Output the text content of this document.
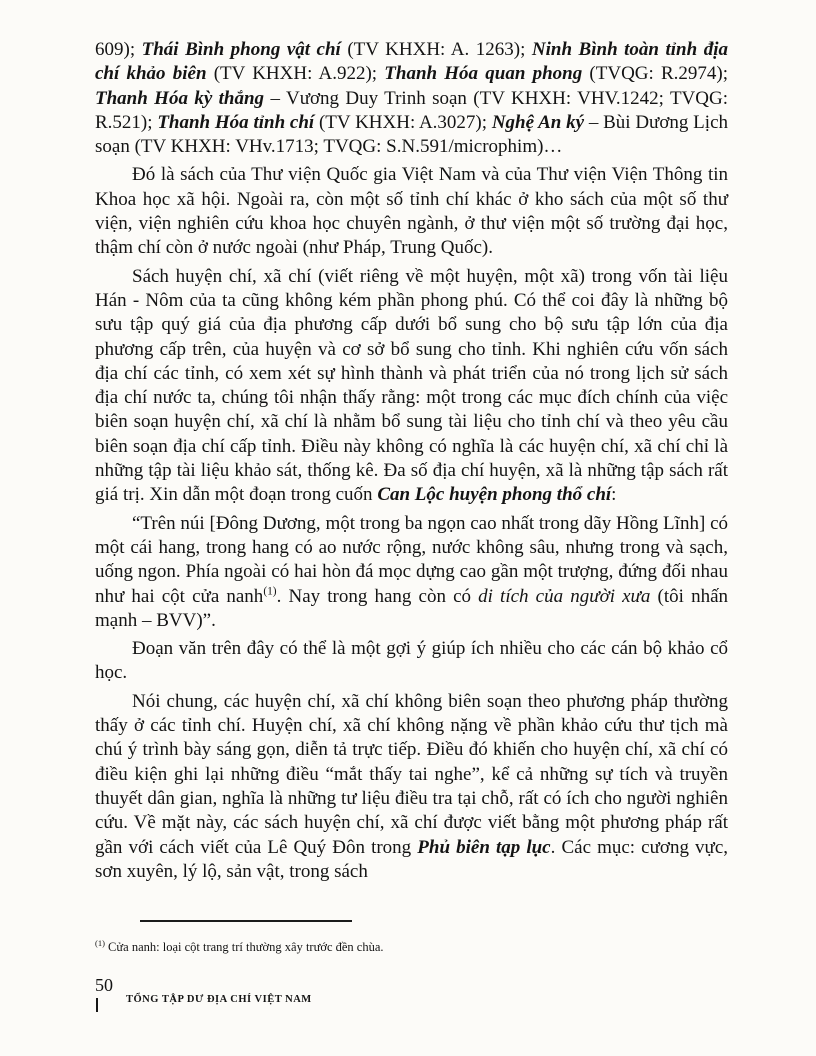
609); Thái Bình phong vật chí (TV KHXH: A. 1263); Ninh Bình toàn tỉnh địa chí khảo biên (TV KHXH: A.922); Thanh Hóa quan phong (TVQG: R.2974); Thanh Hóa kỳ thắng – Vương Duy Trinh soạn (TV KHXH: VHV.1242; TVQG: R.521); Thanh Hóa tỉnh chí (TV KHXH: A.3027); Nghệ An ký – Bùi Dương Lịch soạn (TV KHXH: VHv.1713; TVQG: S.N.591/microphim)…

Đó là sách của Thư viện Quốc gia Việt Nam và của Thư viện Viện Thông tin Khoa học xã hội. Ngoài ra, còn một số tỉnh chí khác ở kho sách của một số thư viện, viện nghiên cứu khoa học chuyên ngành, ở thư viện một số trường đại học, thậm chí còn ở nước ngoài (như Pháp, Trung Quốc).

Sách huyện chí, xã chí (viết riêng về một huyện, một xã) trong vốn tài liệu Hán - Nôm của ta cũng không kém phần phong phú. Có thể coi đây là những bộ sưu tập quý giá của địa phương cấp dưới bổ sung cho bộ sưu tập lớn của địa phương cấp trên, của huyện và cơ sở bổ sung cho tỉnh. Khi nghiên cứu vốn sách địa chí các tỉnh, có xem xét sự hình thành và phát triển của nó trong lịch sử sách địa chí nước ta, chúng tôi nhận thấy rằng: một trong các mục đích chính của việc biên soạn huyện chí, xã chí là nhằm bổ sung tài liệu cho tỉnh chí và theo yêu cầu biên soạn địa chí cấp tỉnh. Điều này không có nghĩa là các huyện chí, xã chí chỉ là những tập tài liệu khảo sát, thống kê. Đa số địa chí huyện, xã là những tập sách rất giá trị. Xin dẫn một đoạn trong cuốn Can Lộc huyện phong thổ chí:

“Trên núi [Đông Dương, một trong ba ngọn cao nhất trong dãy Hồng Lĩnh] có một cái hang, trong hang có ao nước rộng, nước không sâu, nhưng trong và sạch, uống ngon. Phía ngoài có hai hòn đá mọc dựng cao gần một trượng, đứng đối nhau như hai cột cửa nanh$^{(1)}$. Nay trong hang còn có di tích của người xưa (tôi nhấn mạnh – BVV)”.

Đoạn văn trên đây có thể là một gợi ý giúp ích nhiều cho các cán bộ khảo cổ học.

Nói chung, các huyện chí, xã chí không biên soạn theo phương pháp thường thấy ở các tỉnh chí. Huyện chí, xã chí không nặng về phần khảo cứu thư tịch mà chú ý trình bày sáng gọn, diễn tả trực tiếp. Điều đó khiến cho huyện chí, xã chí có điều kiện ghi lại những điều “mắt thấy tai nghe”, kể cả những sự tích và truyền thuyết dân gian, nghĩa là những tư liệu điều tra tại chỗ, rất có ích cho người nghiên cứu. Về mặt này, các sách huyện chí, xã chí được viết bằng một phương pháp rất gần với cách viết của Lê Quý Đôn trong Phủ biên tạp lục. Các mục: cương vực, sơn xuyên, lý lộ, sản vật, trong sách

$^{(1)}$ Cửa nanh: loại cột trang trí thường xây trước đền chùa.

50
TỔNG TẬP DƯ ĐỊA CHÍ VIỆT NAM
